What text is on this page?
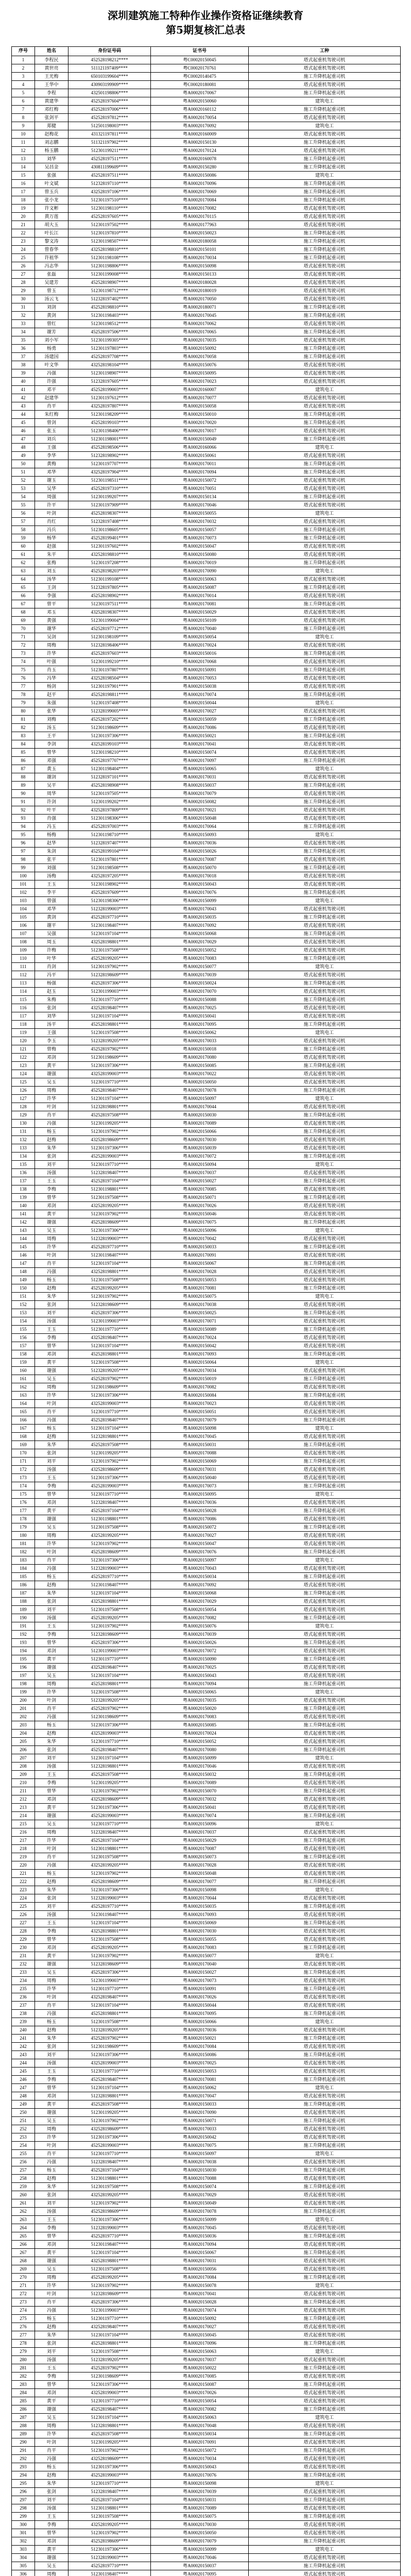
深圳建筑施工特种作业操作资格证继续教育
第5期复核汇总表
序号	姓名	身份证号码	证书号	工种
1	李程民	452528198212****	粤C00020150045	塔式起重机驾驶司机
2	黄世亮	511121197409****	粤C00020170761	塔式起重机驾驶司机
3	王光梅	650103199604****	粤C00020140475	施工升降机起重司机
4	王华中	430903199909****	粤C00020180081	塔式起重机驾驶司机
5	李程	432501198806****	粤A00020170067	施工升降机起重司机
6	黄建华	452528197604****	粤A00020150060	建筑电工
7	邓红梅	452528197006****	粤A00020160112	施工升降机起重司机
8	张剑平	452528197812****	粤A00020170054	塔式起重机驾驶司机
9	郑健	512501198003****	粤A00020170092	建筑电工
10	赵梅花	431321197811****	粤A00020160009	塔式起重机驾驶司机
11	刘志鹏	511321197902****	粤A00020150130	施工升降机起重司机
12	杨玉鹏	512301199211****	粤A00020170124	塔式起重机驾驶司机
13	刘华	452528197511****	粤A00020160078	施工升降机起重司机
14	吴昌金	430811199609****	粤A00020150280	施工升降机起重司机
15	张强	452528197511****	粤A00020150086	建筑电工
16	叶文斌	512328197110****	粤A00020170096	施工升降机起重司机
17	曾玉兵	432528197106****	粤A00020170069	施工升降机起重司机
18	张小龙	512301197510****	粤A00020170084	施工升降机起重司机
19	许文彬	512301198110****	粤A00020170082	塔式起重机驾驶司机
20	黄万莲	452528197605****	粤A00020170115	塔式起重机驾驶司机
21	胡大玉	512301197502****	粤A00020177963	塔式起重机驾驶司机
22	叶长江	512301197810****	粤A00020150023	施工升降机起重司机
23	黎文涛	512301198507****	粤A00020180058	施工升降机起重司机
24	曾春华	432528198810****	粤A00020150101	施工升降机起重司机
25	许祖华	512301198108****	粤A00020170034	施工升降机起重司机
26	冯志华	512301198806****	粤A00020150098	塔式起重机驾驶司机
27	张磊	512301199008****	粤A00020150133	塔式起重机驾驶司机
28	吴建芳	452528198907****	粤A00020180028	塔式起重机驾驶司机
29	曾玉	512301198712****	粤A00020180019	塔式起重机驾驶司机
30	汤云飞	512328197402****	粤A00020170050	塔式起重机驾驶司机
31	刘剑	452528198810****	粤A00020180071	施工升降机起重司机
32	黄剑	512301198403****	粤A00020170045	施工升降机起重司机
33	曾红	512301198512****	粤A00020170062	塔式起重机驾驶司机
34	谢芳	452528197506****	粤A00020170065	施工升降机起重司机
35	刘小军	512301199305****	粤A00020170035	塔式起重机驾驶司机
36	杨勇	512301197803****	粤A00020150092	施工升降机起重司机
37	汤建国	452528197708****	粤A00020170058	施工升降机起重司机
38	叶文华	432528198104****	粤A00020150076	塔式起重机驾驶司机
39	冯强	512301198907****	粤A00020150095	塔式起重机驾驶司机
40	许强	512328197605****	粤A00020170023	塔式起重机驾驶司机
41	邓平	452528199003****	粤A00020160007	建筑电工
42	赵建华	512301197612****	粤A00020170077	塔式起重机驾驶司机
43	肖平	432528197807****	粤A00020150058	塔式起重机驾驶司机
44	朱红梅	512301198209****	粤A00020150010	施工升降机起重司机
45	曾剑	452528199103****	粤A00020170020	施工升降机起重司机
46	张玉	512301198406****	粤A00020170017	塔式起重机驾驶司机
47	刘兵	512301198001****	粤A00020150049	施工升降机起重司机
48	王强	452528198506****	粤A00020160066	建筑电工
49	李华	512328198902****	粤A00020150061	塔式起重机驾驶司机
50	黄梅	512301197707****	粤A00020170011	施工升降机起重司机
51	邓华	432528197904****	粤A00020170094	施工升降机起重司机
52	谢玉	512301198511****	粤A00020150072	塔式起重机驾驶司机
53	吴华	452528197310****	粤A00020170051	塔式起重机驾驶司机
54	周强	512301199207****	粤A00020150134	施工升降机起重司机
55	许平	512301197909****	粤A00020170046	塔式起重机驾驶司机
56	叶剑	452528198307****	粤A00020150055	建筑电工
57	肖红	512328197408****	粤A00020170032	塔式起重机驾驶司机
58	冯兵	512301198605****	粤A00020150057	施工升降机起重司机
59	杨华	452528199401****	粤A00020170073	施工升降机起重司机
60	赵强	512301197602****	粤A00020150047	塔式起重机驾驶司机
61	朱平	432528198810****	粤A00020150080	塔式起重机驾驶司机
62	张梅	512301197208****	粤A00020170019	施工升降机起重司机
63	刘玉	452528198203****	粤A00020170090	建筑电工
64	汤华	512301199108****	粤A00020150063	塔式起重机驾驶司机
65	王剑	512328197805****	粤A00020150087	施工升降机起重司机
66	李强	452528198902****	粤A00020170014	塔式起重机驾驶司机
67	曾平	512301197511****	粤A00020170081	施工升降机起重司机
68	邓玉	432528198307****	粤A00020150029	塔式起重机驾驶司机
69	黄强	512301199004****	粤A00020150109	塔式起重机驾驶司机
70	谢华	452528197712****	粤A00020170040	施工升降机起重司机
71	吴剑	512301198109****	粤A00020150054	建筑电工
72	周梅	512328198406****	粤A00020170024	塔式起重机驾驶司机
73	许华	452528197603****	粤A00020150016	施工升降机起重司机
74	叶强	512301199210****	粤A00020170068	塔式起重机驾驶司机
75	肖玉	512301197807****	粤A00020150091	施工升降机起重司机
76	冯华	432528198504****	粤A00020170053	塔式起重机驾驶司机
77	杨剑	512301197901****	粤A00020150038	塔式起重机驾驶司机
78	赵平	452528198811****	粤A00020170074	施工升降机起重司机
79	朱强	512301197408****	粤A00020150044	建筑电工
80	张华	512328199005****	粤A00020170027	塔式起重机驾驶司机
81	刘梅	452528197202****	粤A00020150059	施工升降机起重司机
82	汤玉	512301198609****	粤A00020170086	塔式起重机驾驶司机
83	王平	512301197306****	粤A00020150021	施工升降机起重司机
84	李剑	432528199103****	粤A00020170041	塔式起重机驾驶司机
85	曾华	512301198210****	粤A00020150074	塔式起重机驾驶司机
86	邓强	452528197707****	粤A00020170097	施工升降机起重司机
87	黄玉	512301198404****	粤A00020150065	建筑电工
88	谢剑	512328197101****	粤A00020170031	塔式起重机驾驶司机
89	吴平	452528198908****	粤A00020150037	施工升降机起重司机
90	周华	512301197505****	粤A00020170079	塔式起重机驾驶司机
91	许剑	512301199202****	粤A00020150082	施工升降机起重司机
92	叶平	432528197809****	粤A00020170021	塔式起重机驾驶司机
93	肖强	512301198306****	粤A00020150048	塔式起重机驾驶司机
94	冯玉	452528197003****	粤A00020170064	施工升降机起重司机
95	杨梅	512301198710****	粤A00020150093	建筑电工
96	赵华	512328197407****	粤A00020170036	塔式起重机驾驶司机
97	朱剑	452528199104****	粤A00020150026	施工升降机起重司机
98	张平	512301197801****	粤A00020170087	塔式起重机驾驶司机
99	刘强	512301198508****	粤A00020150070	施工升降机起重司机
100	汤梅	432528197205****	粤A00020170018	塔式起重机驾驶司机
101	王玉	512301198902****	粤A00020150043	塔式起重机驾驶司机
102	李平	452528197609****	粤A00020170076	施工升降机起重司机
103	曾强	512301198306****	粤A00020150099	建筑电工
104	邓华	512328199003****	粤A00020170043	塔式起重机驾驶司机
105	黄剑	452528197710****	粤A00020150035	施工升降机起重司机
106	谢平	512301198407****	粤A00020170092	塔式起重机驾驶司机
107	吴强	512301197104****	粤A00020150068	施工升降机起重司机
108	周玉	432528198801****	粤A00020170029	塔式起重机驾驶司机
109	许梅	512301197508****	粤A00020150052	塔式起重机驾驶司机
110	叶华	452528199205****	粤A00020170083	施工升降机起重司机
111	肖剑	512301197902****	粤A00020150077	建筑电工
112	冯平	512328198609****	粤A00020170039	塔式起重机驾驶司机
113	杨强	452528197306****	粤A00020150024	施工升降机起重司机
114	赵玉	512301199003****	粤A00020170070	塔式起重机驾驶司机
115	朱梅	512301197710****	粤A00020150088	施工升降机起重司机
116	张剑	432528198407****	粤A00020170025	塔式起重机驾驶司机
117	刘华	512301197104****	粤A00020150041	塔式起重机驾驶司机
118	汤平	452528198801****	粤A00020170095	施工升降机起重司机
119	王强	512301197508****	粤A00020150062	建筑电工
120	李玉	512328199205****	粤A00020170033	塔式起重机驾驶司机
121	曾梅	452528197902****	粤A00020150018	施工升降机起重司机
122	邓剑	512301198609****	粤A00020170080	塔式起重机驾驶司机
123	黄平	512301197306****	粤A00020150085	施工升降机起重司机
124	谢强	432528199003****	粤A00020170022	塔式起重机驾驶司机
125	吴玉	512301197710****	粤A00020150050	塔式起重机驾驶司机
126	周梅	452528198407****	粤A00020170078	施工升降机起重司机
127	许华	512301197104****	粤A00020150097	建筑电工
128	叶剑	512328198801****	粤A00020170044	塔式起重机驾驶司机
129	肖平	452528197508****	粤A00020150030	施工升降机起重司机
130	冯强	512301199205****	粤A00020170089	塔式起重机驾驶司机
131	杨玉	512301197902****	粤A00020150066	施工升降机起重司机
132	赵梅	432528198609****	粤A00020170030	塔式起重机驾驶司机
133	朱华	512301197306****	粤A00020150039	塔式起重机驾驶司机
134	张剑	452528199003****	粤A00020170072	施工升降机起重司机
135	刘平	512301197710****	粤A00020150094	建筑电工
136	汤强	512328198407****	粤A00020170037	塔式起重机驾驶司机
137	王玉	452528197104****	粤A00020150027	施工升降机起重司机
138	李梅	512301198801****	粤A00020170085	塔式起重机驾驶司机
139	曾华	512301197508****	粤A00020150071	施工升降机起重司机
140	邓剑	432528199205****	粤A00020170026	塔式起重机驾驶司机
141	黄平	512301197902****	粤A00020150046	塔式起重机驾驶司机
142	谢强	452528198609****	粤A00020170075	施工升降机起重司机
143	吴玉	512301197306****	粤A00020150096	建筑电工
144	周梅	512328199003****	粤A00020170042	塔式起重机驾驶司机
145	许华	452528197710****	粤A00020150033	施工升降机起重司机
146	叶剑	512301198407****	粤A00020170091	塔式起重机驾驶司机
147	肖平	512301197104****	粤A00020150067	施工升降机起重司机
148	冯强	432528198801****	粤A00020170028	塔式起重机驾驶司机
149	杨玉	512301197508****	粤A00020150053	塔式起重机驾驶司机
150	赵梅	452528199205****	粤A00020170081	施工升降机起重司机
151	朱华	512301197902****	粤A00020150075	建筑电工
152	张剑	512328198609****	粤A00020170038	塔式起重机驾驶司机
153	刘平	452528197306****	粤A00020150025	施工升降机起重司机
154	汤强	512301199003****	粤A00020170071	塔式起重机驾驶司机
155	王玉	512301197710****	粤A00020150089	施工升降机起重司机
156	李梅	432528198407****	粤A00020170024	塔式起重机驾驶司机
157	曾华	512301197104****	粤A00020150042	塔式起重机驾驶司机
158	邓剑	452528198801****	粤A00020170093	施工升降机起重司机
159	黄平	512301197508****	粤A00020150064	建筑电工
160	谢强	512328199205****	粤A00020170034	塔式起重机驾驶司机
161	吴玉	452528197902****	粤A00020150019	施工升降机起重司机
162	周梅	512301198609****	粤A00020170082	塔式起重机驾驶司机
163	许华	512301197306****	粤A00020150084	施工升降机起重司机
164	叶剑	432528199003****	粤A00020170023	塔式起重机驾驶司机
165	肖平	512301197710****	粤A00020150051	塔式起重机驾驶司机
166	冯强	452528198407****	粤A00020170079	施工升降机起重司机
167	杨玉	512301197104****	粤A00020150098	建筑电工
168	赵梅	512328198801****	粤A00020170045	塔式起重机驾驶司机
169	朱华	452528197508****	粤A00020150031	施工升降机起重司机
170	张剑	512301199205****	粤A00020170088	塔式起重机驾驶司机
171	刘平	512301197902****	粤A00020150069	施工升降机起重司机
172	汤强	432528198609****	粤A00020170031	塔式起重机驾驶司机
173	王玉	512301197306****	粤A00020150040	塔式起重机驾驶司机
174	李梅	452528199003****	粤A00020170073	施工升降机起重司机
175	曾华	512301197710****	粤A00020150095	建筑电工
176	邓剑	512328198407****	粤A00020170036	塔式起重机驾驶司机
177	黄平	452528197104****	粤A00020150028	施工升降机起重司机
178	谢强	512301198801****	粤A00020170086	塔式起重机驾驶司机
179	吴玉	512301197508****	粤A00020150072	施工升降机起重司机
180	周梅	432528199205****	粤A00020170027	塔式起重机驾驶司机
181	许华	512301197902****	粤A00020150047	塔式起重机驾驶司机
182	叶剑	452528198609****	粤A00020170076	施工升降机起重司机
183	肖平	512301197306****	粤A00020150097	建筑电工
184	冯强	512328199003****	粤A00020170043	塔式起重机驾驶司机
185	杨玉	452528197710****	粤A00020150034	施工升降机起重司机
186	赵梅	512301198407****	粤A00020170092	塔式起重机驾驶司机
187	朱华	512301197104****	粤A00020150068	施工升降机起重司机
188	张剑	432528198801****	粤A00020170029	塔式起重机驾驶司机
189	刘平	512301197508****	粤A00020150054	塔式起重机驾驶司机
190	汤强	452528199205****	粤A00020170082	施工升降机起重司机
191	王玉	512301197902****	粤A00020150076	建筑电工
192	李梅	512328198609****	粤A00020170039	塔式起重机驾驶司机
193	曾华	452528197306****	粤A00020150026	施工升降机起重司机
194	邓剑	512301199003****	粤A00020170072	塔式起重机驾驶司机
195	黄平	512301197710****	粤A00020150090	施工升降机起重司机
196	谢强	432528198407****	粤A00020170025	塔式起重机驾驶司机
197	吴玉	512301197104****	粤A00020150043	塔式起重机驾驶司机
198	周梅	452528198801****	粤A00020170094	施工升降机起重司机
199	许华	512301197508****	粤A00020150065	建筑电工
200	叶剑	512328199205****	粤A00020170035	塔式起重机驾驶司机
201	肖平	452528197902****	粤A00020150020	施工升降机起重司机
202	冯强	512301198609****	粤A00020170083	塔式起重机驾驶司机
203	杨玉	512301197306****	粤A00020150085	施工升降机起重司机
204	赵梅	432528199003****	粤A00020170024	塔式起重机驾驶司机
205	朱华	512301197710****	粤A00020150052	塔式起重机驾驶司机
206	张剑	452528198407****	粤A00020170080	施工升降机起重司机
207	刘平	512301197104****	粤A00020150099	建筑电工
208	汤强	512328198801****	粤A00020170046	塔式起重机驾驶司机
209	王玉	452528197508****	粤A00020150032	施工升降机起重司机
210	李梅	512301199205****	粤A00020170089	塔式起重机驾驶司机
211	曾华	512301197902****	粤A00020150070	施工升降机起重司机
212	邓剑	432528198609****	粤A00020170032	塔式起重机驾驶司机
213	黄平	512301197306****	粤A00020150041	塔式起重机驾驶司机
214	谢强	452528199003****	粤A00020170074	施工升降机起重司机
215	吴玉	512301197710****	粤A00020150096	建筑电工
216	周梅	512328198407****	粤A00020170037	塔式起重机驾驶司机
217	许华	452528197104****	粤A00020150029	施工升降机起重司机
218	叶剑	512301198801****	粤A00020170087	塔式起重机驾驶司机
219	肖平	512301197508****	粤A00020150073	施工升降机起重司机
220	冯强	432528199205****	粤A00020170028	塔式起重机驾驶司机
221	杨玉	512301197902****	粤A00020150048	塔式起重机驾驶司机
222	赵梅	452528198609****	粤A00020170077	施工升降机起重司机
223	朱华	512301197306****	粤A00020150098	建筑电工
224	张剑	512328199003****	粤A00020170044	塔式起重机驾驶司机
225	刘平	452528197710****	粤A00020150035	施工升降机起重司机
226	汤强	512301198407****	粤A00020170093	塔式起重机驾驶司机
227	王玉	512301197104****	粤A00020150069	施工升降机起重司机
228	李梅	432528198801****	粤A00020170030	塔式起重机驾驶司机
229	曾华	512301197508****	粤A00020150055	塔式起重机驾驶司机
230	邓剑	452528199205****	粤A00020170083	施工升降机起重司机
231	黄平	512301197902****	粤A00020150077	建筑电工
232	谢强	512328198609****	粤A00020170040	塔式起重机驾驶司机
233	吴玉	452528197306****	粤A00020150027	施工升降机起重司机
234	周梅	512301199003****	粤A00020170073	塔式起重机驾驶司机
235	许华	512301197710****	粤A00020150091	施工升降机起重司机
236	叶剑	432528198407****	粤A00020170026	塔式起重机驾驶司机
237	肖平	512301197104****	粤A00020150044	塔式起重机驾驶司机
238	冯强	452528198801****	粤A00020170095	施工升降机起重司机
239	杨玉	512301197508****	粤A00020150066	建筑电工
240	赵梅	512328199205****	粤A00020170036	塔式起重机驾驶司机
241	朱华	452528197902****	粤A00020150021	施工升降机起重司机
242	张剑	512301198609****	粤A00020170084	塔式起重机驾驶司机
243	刘平	512301197306****	粤A00020150086	施工升降机起重司机
244	汤强	432528199003****	粤A00020170025	塔式起重机驾驶司机
245	王玉	512301197710****	粤A00020150053	塔式起重机驾驶司机
246	李梅	452528198407****	粤A00020170081	施工升降机起重司机
247	曾华	512301197104****	粤A00020150062	建筑电工
248	邓剑	512328198801****	粤A00020170047	塔式起重机驾驶司机
249	黄平	452528197508****	粤A00020150033	施工升降机起重司机
250	谢强	512301199205****	粤A00020170090	塔式起重机驾驶司机
251	吴玉	512301197902****	粤A00020150071	施工升降机起重司机
252	周梅	432528198609****	粤A00020170033	塔式起重机驾驶司机
253	许华	512301197306****	粤A00020150042	塔式起重机驾驶司机
254	叶剑	452528199003****	粤A00020170075	施工升降机起重司机
255	肖平	512301197710****	粤A00020150097	建筑电工
256	冯强	512328198407****	粤A00020170038	塔式起重机驾驶司机
257	杨玉	452528197104****	粤A00020150030	施工升降机起重司机
258	赵梅	512301198801****	粤A00020170088	塔式起重机驾驶司机
259	朱华	512301197508****	粤A00020150074	施工升降机起重司机
260	张剑	432528199205****	粤A00020170029	塔式起重机驾驶司机
261	刘平	512301197902****	粤A00020150049	塔式起重机驾驶司机
262	汤强	452528198609****	粤A00020170078	施工升降机起重司机
263	王玉	512301197306****	粤A00020150099	建筑电工
264	李梅	512328199003****	粤A00020170045	塔式起重机驾驶司机
265	曾华	452528197710****	粤A00020150036	施工升降机起重司机
266	邓剑	512301198407****	粤A00020170094	塔式起重机驾驶司机
267	黄平	512301197104****	粤A00020150067	施工升降机起重司机
268	谢强	432528198801****	粤A00020170031	塔式起重机驾驶司机
269	吴玉	512301197508****	粤A00020150056	塔式起重机驾驶司机
270	周梅	452528199205****	粤A00020170084	施工升降机起重司机
271	许华	512301197902****	粤A00020150078	建筑电工
272	叶剑	512328198609****	粤A00020170041	塔式起重机驾驶司机
273	肖平	452528197306****	粤A00020150028	施工升降机起重司机
274	冯强	512301199003****	粤A00020170074	塔式起重机驾驶司机
275	杨玉	512301197710****	粤A00020150092	施工升降机起重司机
276	赵梅	432528198407****	粤A00020170027	塔式起重机驾驶司机
277	朱华	512301197104****	粤A00020150045	塔式起重机驾驶司机
278	张剑	452528198801****	粤A00020170096	施工升降机起重司机
279	刘平	512301197508****	粤A00020150063	建筑电工
280	汤强	512328199205****	粤A00020170037	塔式起重机驾驶司机
281	王玉	452528197902****	粤A00020150022	施工升降机起重司机
282	李梅	512301198609****	粤A00020170085	塔式起重机驾驶司机
283	曾华	512301197306****	粤A00020150087	施工升降机起重司机
284	邓剑	432528199003****	粤A00020170026	塔式起重机驾驶司机
285	黄平	512301197710****	粤A00020150054	塔式起重机驾驶司机
286	谢强	452528198407****	粤A00020170082	施工升降机起重司机
287	吴玉	512301197104****	粤A00020150063	建筑电工
288	周梅	512328198801****	粤A00020170048	塔式起重机驾驶司机
289	许华	452528197508****	粤A00020150034	施工升降机起重司机
290	叶剑	512301199205****	粤A00020170091	塔式起重机驾驶司机
291	肖平	512301197902****	粤A00020150072	施工升降机起重司机
292	冯强	432528198609****	粤A00020170034	塔式起重机驾驶司机
293	杨玉	512301197306****	粤A00020150043	塔式起重机驾驶司机
294	赵梅	452528199003****	粤A00020170076	施工升降机起重司机
295	朱华	512301197710****	粤A00020150098	建筑电工
296	张剑	512328198407****	粤A00020170039	塔式起重机驾驶司机
297	刘平	452528197104****	粤A00020150031	施工升降机起重司机
298	汤强	512301198801****	粤A00020170089	塔式起重机驾驶司机
299	王玉	512301197508****	粤A00020150075	施工升降机起重司机
300	李梅	432528199205****	粤A00020170030	塔式起重机驾驶司机
301	曾华	512301197902****	粤A00020150050	塔式起重机驾驶司机
302	邓剑	452528198609****	粤A00020170079	施工升降机起重司机
303	黄平	512301197306****	粤A00020150099	建筑电工
304	谢强	512328199003****	粤A00020170046	塔式起重机驾驶司机
305	吴玉	452528197710****	粤A00020150037	施工升降机起重司机
306	周梅	512301198407****	粤A00020170095	塔式起重机驾驶司机
